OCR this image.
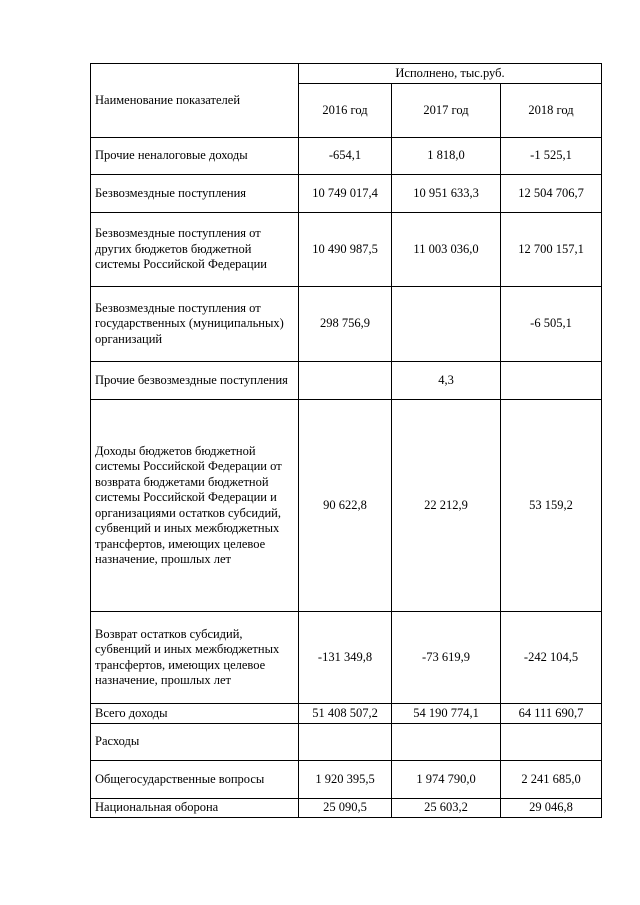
Наименование показателей	Исполнено, тыс.руб.		
	2016 год	2017 год	2018 год
Прочие неналоговые доходы	-654,1	1 818,0	-1 525,1
Безвозмездные поступления	10 749 017,4	10 951 633,3	12 504 706,7
Безвозмездные поступления от других бюджетов бюджетной системы Российской Федерации	10 490 987,5	11 003 036,0	12 700 157,1
Безвозмездные поступления от государственных (муниципальных) организаций	298 756,9		-6 505,1
Прочие безвозмездные поступления		4,3	
Доходы бюджетов бюджетной системы Российской Федерации от возврата бюджетами бюджетной системы Российской Федерации и организациями остатков субсидий, субвенций и иных межбюджетных трансфертов, имеющих целевое назначение, прошлых лет	90 622,8	22 212,9	53 159,2
Возврат остатков субсидий, субвенций и иных межбюджетных трансфертов, имеющих целевое назначение, прошлых лет	-131 349,8	-73 619,9	-242 104,5
Всего доходы	51 408 507,2	54 190 774,1	64 111 690,7
Расходы			
Общегосударственные вопросы	1 920 395,5	1 974 790,0	2 241 685,0
Национальная оборона	25 090,5	25 603,2	29 046,8
